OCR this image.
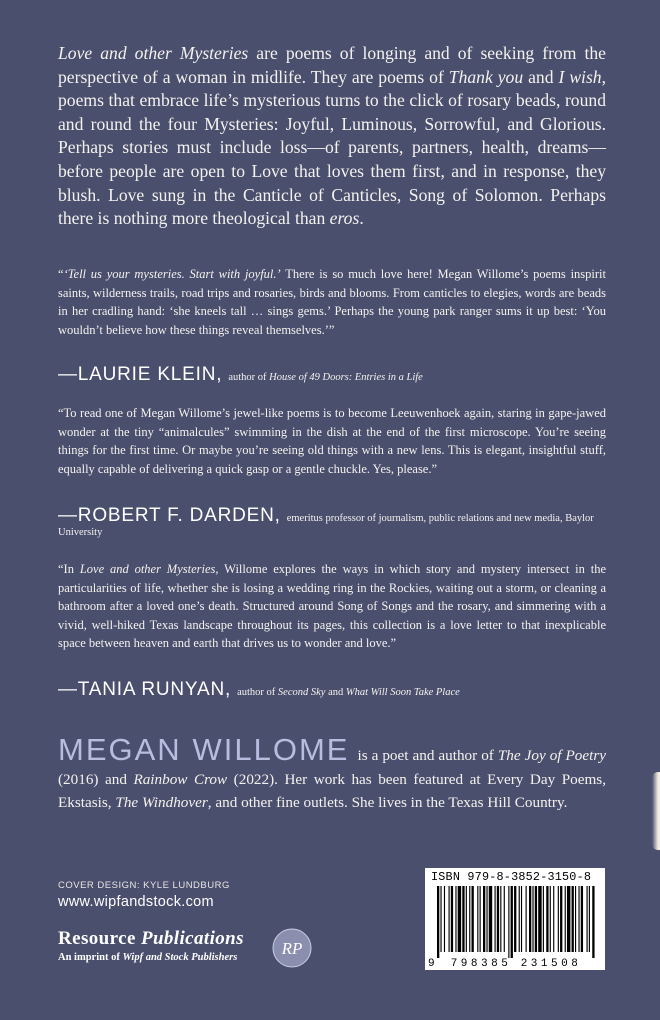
Love and other Mysteries are poems of longing and of seeking from the perspective of a woman in midlife. They are poems of Thank you and I wish, poems that embrace life’s mysterious turns to the click of rosary beads, round and round the four Mysteries: Joyful, Luminous, Sorrowful, and Glorious. Perhaps stories must include loss—of parents, partners, health, dreams—before people are open to Love that loves them first, and in response, they blush. Love sung in the Canticle of Canticles, Song of Solomon. Perhaps there is nothing more theological than eros.

“‘Tell us your mysteries. Start with joyful.’ There is so much love here! Megan Willome’s poems inspirit saints, wilderness trails, road trips and rosaries, birds and blooms. From canticles to elegies, words are beads in her cradling hand: ‘she kneels tall … sings gems.’ Perhaps the young park ranger sums it up best: ‘You wouldn’t believe how these things reveal themselves.’”

—LAURIE KLEIN, author of House of 49 Doors: Entries in a Life

“To read one of Megan Willome’s jewel-like poems is to become Leeuwenhoek again, staring in gape-jawed wonder at the tiny “animalcules” swimming in the dish at the end of the first microscope. You’re seeing things for the first time. Or maybe you’re seeing old things with a new lens. This is elegant, insightful stuff, equally capable of delivering a quick gasp or a gentle chuckle. Yes, please.”

—ROBERT F. DARDEN, emeritus professor of journalism, public relations and new media, Baylor University

“In Love and other Mysteries, Willome explores the ways in which story and mystery intersect in the particularities of life, whether she is losing a wedding ring in the Rockies, waiting out a storm, or cleaning a bathroom after a loved one’s death. Structured around Song of Songs and the rosary, and simmering with a vivid, well-hiked Texas landscape throughout its pages, this collection is a love letter to that inexplicable space between heaven and earth that drives us to wonder and love.”

—TANIA RUNYAN, author of Second Sky and What Will Soon Take Place

MEGAN WILLOME is a poet and author of The Joy of Poetry (2016) and Rainbow Crow (2022). Her work has been featured at Every Day Poems, Ekstasis, The Windhover, and other fine outlets. She lives in the Texas Hill Country.

COVER DESIGN: KYLE LUNDBURG
www.wipfandstock.com
Resource Publications
An imprint of Wipf and Stock Publishers	RP
ISBN 979-8-3852-3150-8
9 798385 231508
